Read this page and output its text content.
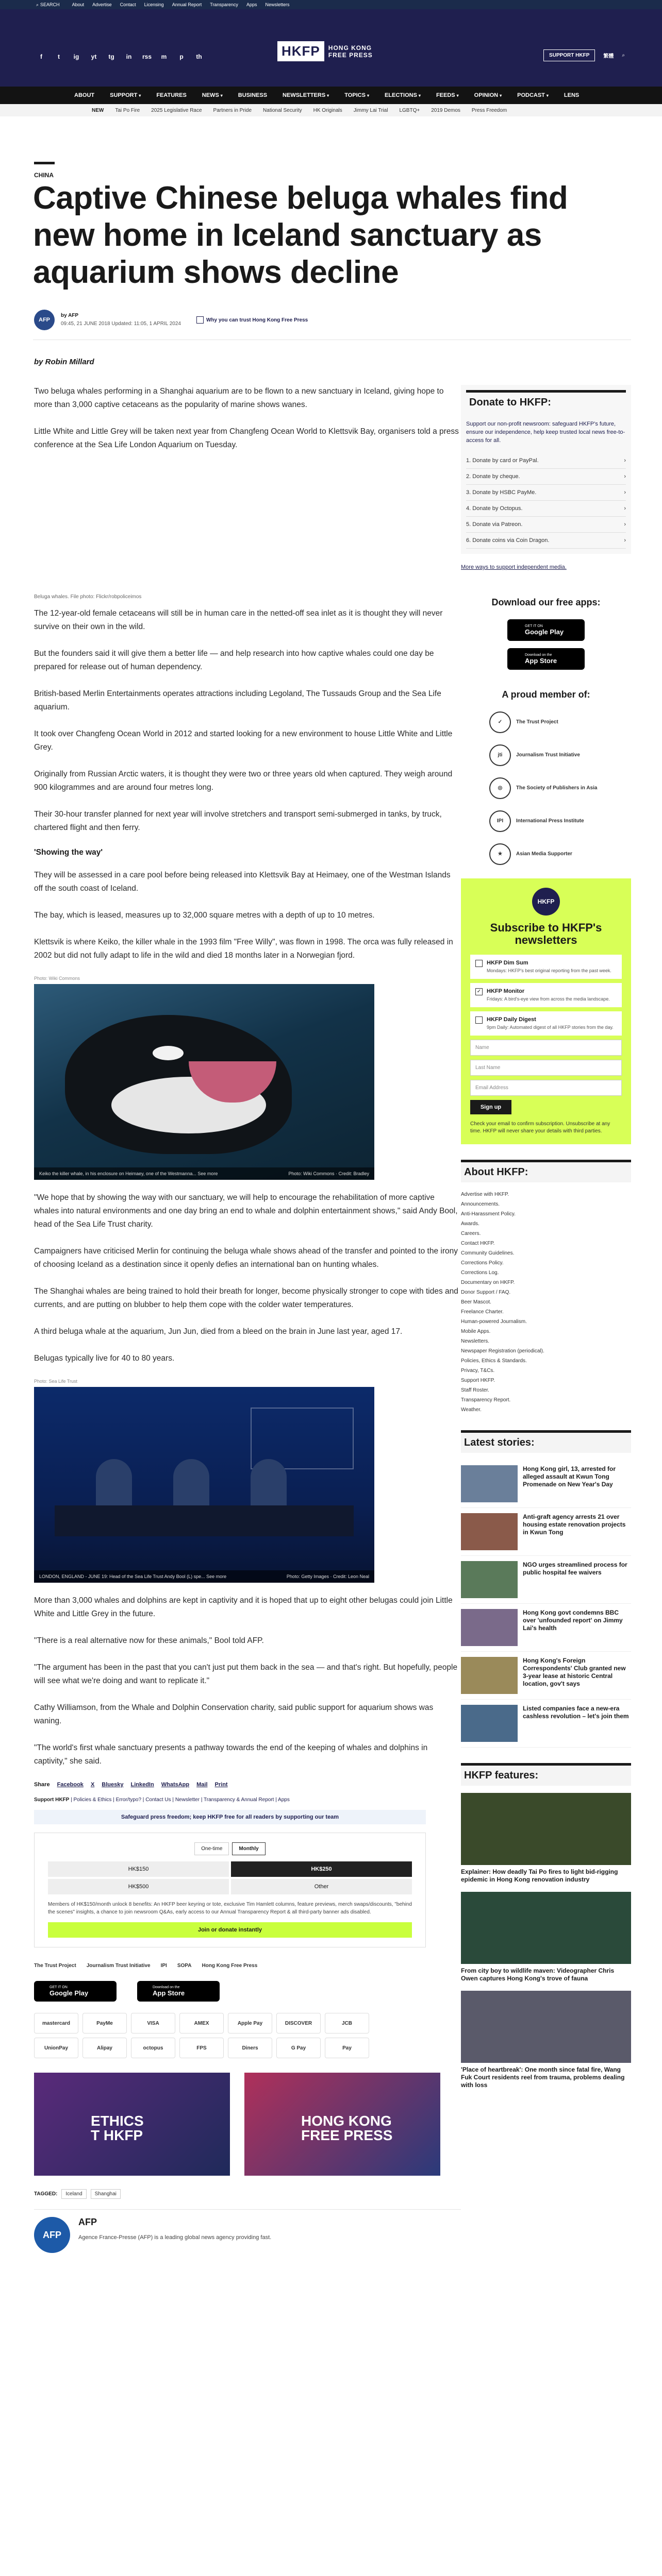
⌕ SEARCH	About Advertise Contact Licensing Annual Report Transparency Apps Newsletters
f	t	ig yt tg in rss m	p	th	HKFP	HONG KONG
FREE PRESS	SUPPORT HKFP	繁體 ⌕
ABOUT	SUPPORT ▾	FEATURES	NEWS ▾	BUSINESS	NEWSLETTERS ▾	TOPICS ▾	ELECTIONS ▾	FEEDS ▾	OPINION ▾	PODCAST ▾	LENS
NEW Tai Po Fire 2025 Legislative Race Partners in Pride National Security HK Originals Jimmy Lai Trial LGBTQ+ 2019 Demos Press Freedom
CHINA
Captive Chinese beluga whales find new home in Iceland sanctuary as aquarium shows decline
AFP
by AFP
09:45, 21 JUNE 2018 Updated: 11:05, 1 APRIL 2024
Why you can trust Hong Kong Free Press
by Robin Millard

Two beluga whales performing in a Shanghai aquarium are to be flown to a new sanctuary in Iceland, giving hope to more than 3,000 captive cetaceans as the popularity of marine shows wanes.

Little White and Little Grey will be taken next year from Changfeng Ocean World to Klettsvik Bay, organisers told a press conference at the Sea Life London Aquarium on Tuesday.

Beluga whales. File photo: Flickr/robpoliceimos

The 12-year-old female cetaceans will still be in human care in the netted-off sea inlet as it is thought they will never survive on their own in the wild.

But the founders said it will give them a better life — and help research into how captive whales could one day be prepared for release out of human dependency.

British-based Merlin Entertainments operates attractions including Legoland, The Tussauds Group and the Sea Life aquarium.

It took over Changfeng Ocean World in 2012 and started looking for a new environment to house Little White and Little Grey.

Originally from Russian Arctic waters, it is thought they were two or three years old when captured. They weigh around 900 kilogrammes and are around four metres long.

Their 30-hour transfer planned for next year will involve stretchers and transport semi-submerged in tanks, by truck, chartered flight and then ferry.

'Showing the way'

They will be assessed in a care pool before being released into Klettsvik Bay at Heimaey, one of the Westman Islands off the south coast of Iceland.

The bay, which is leased, measures up to 32,000 square metres with a depth of up to 10 metres.

Klettsvik is where Keiko, the killer whale in the 1993 film "Free Willy", was flown in 1998. The orca was fully released in 2002 but did not fully adapt to life in the wild and died 18 months later in a Norwegian fjord.

Photo: Wiki Commons
Keiko the killer whale, in his enclosure on Heimaey, one of the Westmanna... See more	Photo: Wiki Commons · Credit: Bradley

"We hope that by showing the way with our sanctuary, we will help to encourage the rehabilitation of more captive whales into natural environments and one day bring an end to whale and dolphin entertainment shows," said Andy Bool, head of the Sea Life Trust charity.

Campaigners have criticised Merlin for continuing the beluga whale shows ahead of the transfer and pointed to the irony of choosing Iceland as a destination since it openly defies an international ban on hunting whales.

The Shanghai whales are being trained to hold their breath for longer, become physically stronger to cope with tides and currents, and are putting on blubber to help them cope with the colder water temperatures.

A third beluga whale at the aquarium, Jun Jun, died from a bleed on the brain in June last year, aged 17.

Belugas typically live for 40 to 80 years.

Photo: Sea Life Trust
LONDON, ENGLAND - JUNE 19: Head of the Sea Life Trust Andy Bool (L) spe... See more	Photo: Getty Images · Credit: Leon Neal

More than 3,000 whales and dolphins are kept in captivity and it is hoped that up to eight other belugas could join Little White and Little Grey in the future.

"There is a real alternative now for these animals," Bool told AFP.

"The argument has been in the past that you can't just put them back in the sea — and that's right. But hopefully, people will see what we're doing and want to replicate it."

Cathy Williamson, from the Whale and Dolphin Conservation charity, said public support for aquarium shows was waning.

"The world's first whale sanctuary presents a pathway towards the end of the keeping of whales and dolphins in captivity," she said.

Share Facebook X Bluesky LinkedIn WhatsApp Mail Print
Support HKFP | Policies & Ethics | Error/typo? | Contact Us | Newsletter | Transparency & Annual Report | Apps
Safeguard press freedom; keep HKFP free for all readers by supporting our team
One-time	Monthly
HK$150	HK$250
HK$500	Other
Members of HK$150/month unlock 8 benefits: An HKFP beer keyring or tote, exclusive Tim Hamlett columns, feature previews, merch swaps/discounts, "behind the scenes" insights, a chance to join newsroom Q&As, early access to our Annual Transparency Report & all third-party banner ads disabled.
Join or donate instantly
The Trust Project Journalism Trust Initiative IPI SOPA Hong Kong Free Press
GET IT ON
Google Play
Download on the
App Store
mastercard	PayMe	VISA	AMEX	Apple Pay	DISCOVER	JCB
UnionPay	Alipay	octopus	FPS	Diners	G Pay	Pay
ETHICS
T HKFP
HONG KONG
FREE PRESS
TAGGED:	Iceland	Shanghai
AFP
AFP

Agence France-Presse (AFP) is a leading global news agency providing fast.

Donate to HKFP:
Support our non-profit newsroom: safeguard HKFP's future, ensure our independence, help keep trusted local news free-to-access for all.
1. Donate by card or PayPal.	›
2. Donate by cheque.	›
3. Donate by HSBC PayMe.	›
4. Donate by Octopus.	›
5. Donate via Patreon.	›
6. Donate coins via Coin Dragon.	›
More ways to support independent media.
Download our free apps:
GET IT ON
Google Play
Download on the
App Store
A proud member of:
✓	The Trust Project
jti	Journalism Trust Initiative
◎	The Society of Publishers in Asia
IPI	International Press Institute
★	Asian Media Supporter
HKFP
Subscribe to HKFP's newsletters
HKFP Dim Sum
Mondays: HKFP's best original reporting from the past week.
✓ HKFP Monitor
Fridays: A bird's-eye view from across the media landscape.
HKFP Daily Digest
9pm Daily: Automated digest of all HKFP stories from the day.
Name
Last Name
Email Address
Sign up
Check your email to confirm subscription. Unsubscribe at any time. HKFP will never share your details with third parties.
About HKFP:
Advertise with HKFP.
Announcements.
Anti-Harassment Policy.
Awards.
Careers.
Contact HKFP.
Community Guidelines.
Corrections Policy.
Corrections Log.
Documentary on HKFP.
Donor Support / FAQ.
Beer Mascot.
Freelance Charter.
Human-powered Journalism.
Mobile Apps.
Newsletters.
Newspaper Registration (periodical).
Policies, Ethics & Standards.
Privacy, T&Cs.
Support HKFP.
Staff Roster.
Transparency Report.
Weather.
Latest stories:
Hong Kong girl, 13, arrested for alleged assault at Kwun Tong Promenade on New Year's Day
Anti-graft agency arrests 21 over housing estate renovation projects in Kwun Tong
NGO urges streamlined process for public hospital fee waivers
Hong Kong govt condemns BBC over 'unfounded report' on Jimmy Lai's health
Hong Kong's Foreign Correspondents' Club granted new 3-year lease at historic Central location, gov't says
Listed companies face a new-era cashless revolution – let's join them
HKFP features:
Explainer: How deadly Tai Po fires to light bid-rigging epidemic in Hong Kong renovation industry
From city boy to wildlife maven: Videographer Chris Owen captures Hong Kong's trove of fauna
'Place of heartbreak': One month since fatal fire, Wang Fuk Court residents reel from trauma, problems dealing with loss
